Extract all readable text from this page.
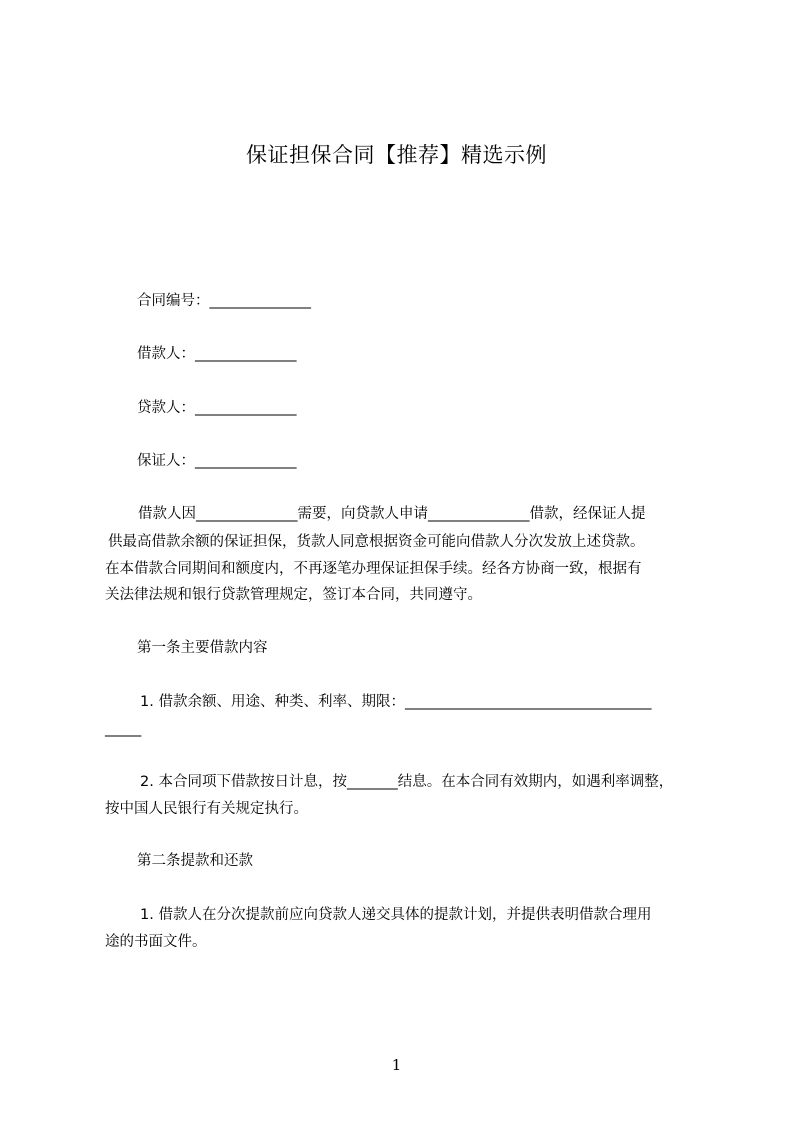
保证担保合同【推荐】精选示例
合同编号：______________
借款人：______________
贷款人：______________
保证人：______________
借款人因______________需要，向贷款人申请______________借款，经保证人提
供最高借款余额的保证担保，货款人同意根据资金可能向借款人分次发放上述贷款。
在本借款合同期间和额度内，不再逐笔办理保证担保手续。经各方协商一致，根据有
关法律法规和银行贷款管理规定，签订本合同，共同遵守。
第一条主要借款内容
1. 借款余额、用途、种类、利率、期限：__________________________________
_____
2. 本合同项下借款按日计息，按_______结息。在本合同有效期内，如遇利率调整，
按中国人民银行有关规定执行。
第二条提款和还款
1. 借款人在分次提款前应向贷款人递交具体的提款计划，并提供表明借款合理用
途的书面文件。
1
